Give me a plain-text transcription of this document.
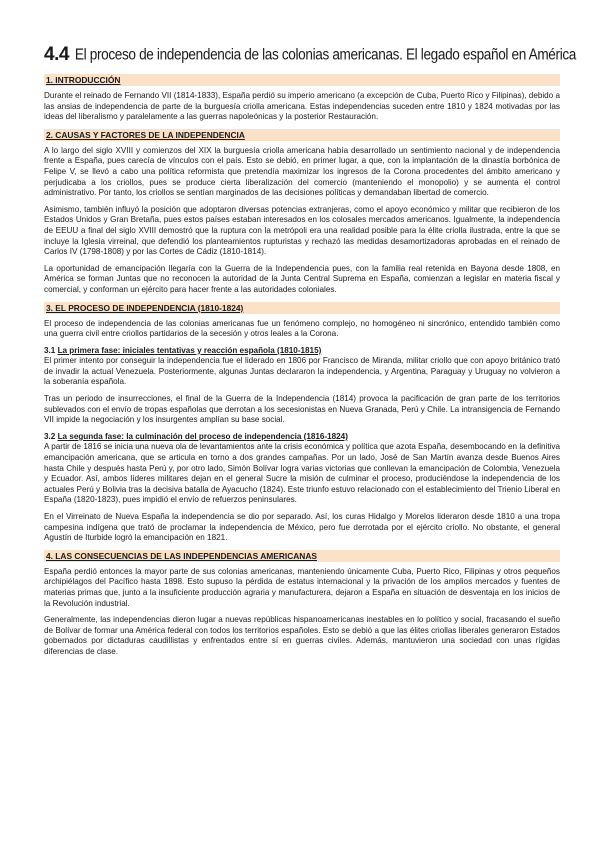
4.4 El proceso de independencia de las colonias americanas. El legado español en América
1. INTRODUCCIÓN

Durante el reinado de Fernando VII (1814-1833), España perdió su imperio americano (a excepción de Cuba, Puerto Rico y Filipinas), debido a las ansias de independencia de parte de la burguesía criolla americana. Estas independencias suceden entre 1810 y 1824 motivadas por las ideas del liberalismo y paralelamente a las guerras napoleónicas y la posterior Restauración.

2. CAUSAS Y FACTORES DE LA INDEPENDENCIA

A lo largo del siglo XVIII y comienzos del XIX la burguesía criolla americana había desarrollado un sentimiento nacional y de independencia frente a España, pues carecía de vínculos con el país. Esto se debió, en primer lugar, a que, con la implantación de la dinastía borbónica de Felipe V, se llevó a cabo una política reformista que pretendía maximizar los ingresos de la Corona procedentes del ámbito americano y perjudicaba a los criollos, pues se produce cierta liberalización del comercio (manteniendo el monopolio) y se aumenta el control administrativo. Por tanto, los criollos se sentían marginados de las decisiones políticas y demandaban libertad de comercio.

Asimismo, también influyó la posición que adoptaron diversas potencias extranjeras, como el apoyo económico y militar que recibieron de los Estados Unidos y Gran Bretaña, pues estos países estaban interesados en los colosales mercados americanos. Igualmente, la independencia de EEUU a final del siglo XVIII demostró que la ruptura con la metrópoli era una realidad posible para la élite criolla ilustrada, entre la que se incluye la Iglesia virreinal, que defendió los planteamientos rupturistas y rechazó las medidas desamortizadoras aprobadas en el reinado de Carlos IV (1798-1808) y por las Cortes de Cádiz (1810-1814).

La oportunidad de emancipación llegaría con la Guerra de la Independencia pues, con la familia real retenida en Bayona desde 1808, en América se forman Juntas que no reconocen la autoridad de la Junta Central Suprema en España, comienzan a legislar en materia fiscal y comercial, y conforman un ejército para hacer frente a las autoridades coloniales.

3. EL PROCESO DE INDEPENDENCIA (1810-1824)

El proceso de independencia de las colonias americanas fue un fenómeno complejo, no homogéneo ni sincrónico, entendido también como una guerra civil entre criollos partidarios de la secesión y otros leales a la Corona.

3.1 La primera fase: iniciales tentativas y reacción española (1810-1815)

El primer intento por conseguir la independencia fue el liderado en 1806 por Francisco de Miranda, militar criollo que con apoyo británico trató de invadir la actual Venezuela. Posteriormente, algunas Juntas declararon la independencia, y Argentina, Paraguay y Uruguay no volvieron a la soberanía española.

Tras un periodo de insurrecciones, el final de la Guerra de la Independencia (1814) provoca la pacificación de gran parte de los territorios sublevados con el envío de tropas españolas que derrotan a los secesionistas en Nueva Granada, Perú y Chile. La intransigencia de Fernando VII impide la negociación y los insurgentes amplían su base social.

3.2 La segunda fase: la culminación del proceso de independencia (1816-1824)

A partir de 1816 se inicia una nueva ola de levantamientos ante la crisis económica y política que azota España, desembocando en la definitiva emancipación americana, que se articula en torno a dos grandes campañas. Por un lado, José de San Martín avanza desde Buenos Aires hasta Chile y después hasta Perú y, por otro lado, Simón Bolívar logra varias victorias que conllevan la emancipación de Colombia, Venezuela y Ecuador. Así, ambos líderes militares dejan en el general Sucre la misión de culminar el proceso, produciéndose la independencia de los actuales Perú y Bolivia tras la decisiva batalla de Ayacucho (1824). Este triunfo estuvo relacionado con el establecimiento del Trienio Liberal en España (1820-1823), pues impidió el envío de refuerzos peninsulares.

En el Virreinato de Nueva España la independencia se dio por separado. Así, los curas Hidalgo y Morelos lideraron desde 1810 a una tropa campesina indígena que trató de proclamar la independencia de México, pero fue derrotada por el ejército criollo. No obstante, el general Agustín de Iturbide logró la emancipación en 1821.

4. LAS CONSECUENCIAS DE LAS INDEPENDENCIAS AMERICANAS

España perdió entonces la mayor parte de sus colonias americanas, manteniendo únicamente Cuba, Puerto Rico, Filipinas y otros pequeños archipiélagos del Pacífico hasta 1898. Esto supuso la pérdida de estatus internacional y la privación de los amplios mercados y fuentes de materias primas que, junto a la insuficiente producción agraria y manufacturera, dejaron a España en situación de desventaja en los inicios de la Revolución industrial.

Generalmente, las independencias dieron lugar a nuevas repúblicas hispanoamericanas inestables en lo político y social, fracasando el sueño de Bolívar de formar una América federal con todos los territorios españoles. Esto se debió a que las élites criollas liberales generaron Estados gobernados por dictaduras caudillistas y enfrentados entre sí en guerras civiles. Además, mantuvieron una sociedad con unas rígidas diferencias de clase.
